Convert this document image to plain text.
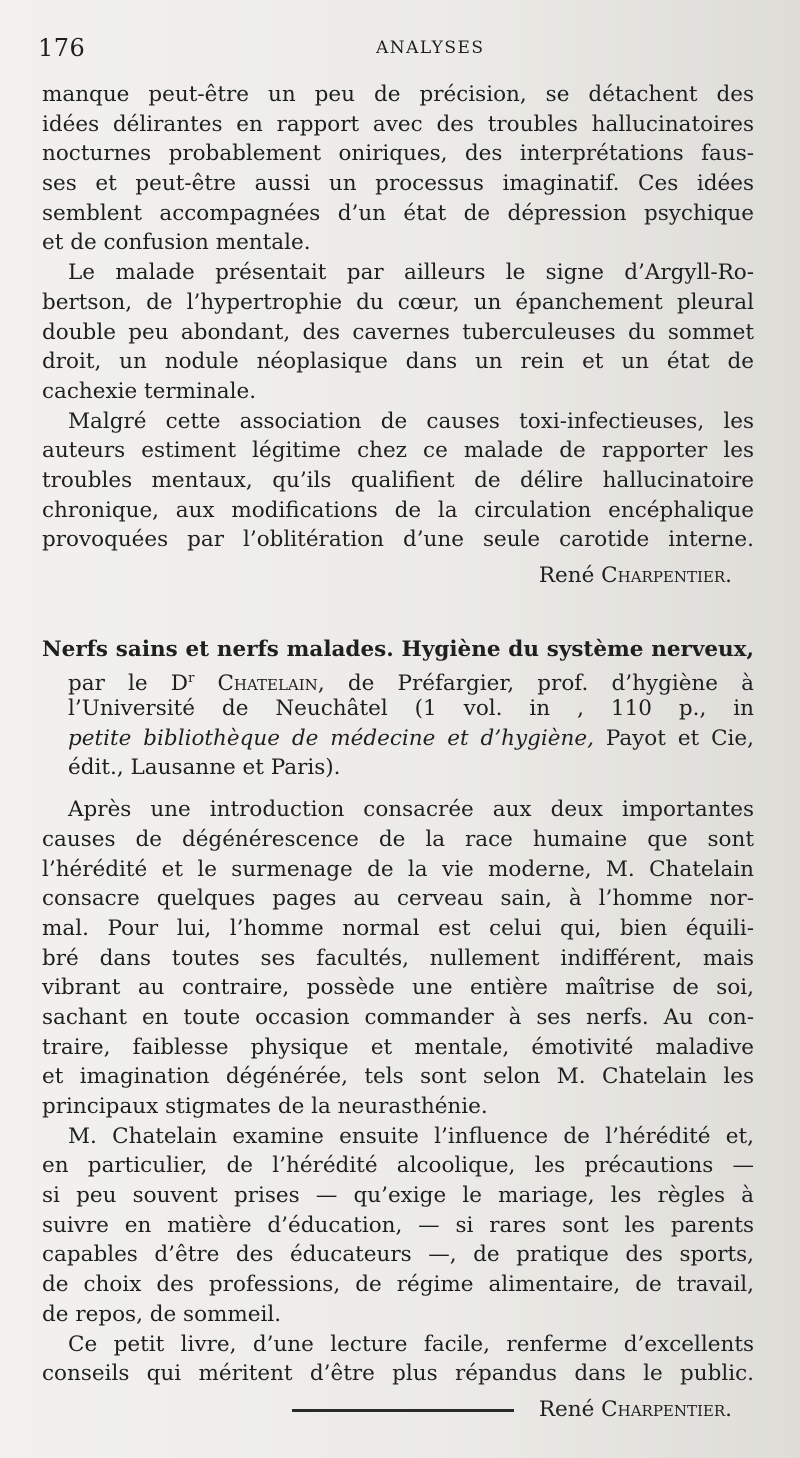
176	ANALYSES
manque peut-être un peu de précision, se détachent des
idées délirantes en rapport avec des troubles hallucinatoires
nocturnes probablement oniriques, des interprétations faus-
ses et peut-être aussi un processus imaginatif. Ces idées
semblent accompagnées d’un état de dépression psychique
et de confusion mentale.
Le malade présentait par ailleurs le signe d’Argyll-Ro-
bertson, de l’hypertrophie du cœur, un épanchement pleural
double peu abondant, des cavernes tuberculeuses du sommet
droit, un nodule néoplasique dans un rein et un état de
cachexie terminale.
Malgré cette association de causes toxi-infectieuses, les
auteurs estiment légitime chez ce malade de rapporter les
troubles mentaux, qu’ils qualifient de délire hallucinatoire
chronique, aux modifications de la circulation encéphalique
provoquées par l’oblitération d’une seule carotide interne.
René Charpentier.
Nerfs sains et nerfs malades. Hygiène du système nerveux,
par le $D^r$ Chatelain, de Préfargier, prof. d’hygiène à
l’Université de Neuchâtel (1 vol. in , 110 p., in
petite bibliothèque de médecine et d’hygiène, Payot et Cie,
édit., Lausanne et Paris).
Après une introduction consacrée aux deux importantes
causes de dégénérescence de la race humaine que sont
l’hérédité et le surmenage de la vie moderne, M. Chatelain
consacre quelques pages au cerveau sain, à l’homme nor-
mal. Pour lui, l’homme normal est celui qui, bien équili-
bré dans toutes ses facultés, nullement indifférent, mais
vibrant au contraire, possède une entière maîtrise de soi,
sachant en toute occasion commander à ses nerfs. Au con-
traire, faiblesse physique et mentale, émotivité maladive
et imagination dégénérée, tels sont selon M. Chatelain les
principaux stigmates de la neurasthénie.
M. Chatelain examine ensuite l’influence de l’hérédité et,
en particulier, de l’hérédité alcoolique, les précautions —
si peu souvent prises — qu’exige le mariage, les règles à
suivre en matière d’éducation, — si rares sont les parents
capables d’être des éducateurs —, de pratique des sports,
de choix des professions, de régime alimentaire, de travail,
de repos, de sommeil.
Ce petit livre, d’une lecture facile, renferme d’excellents
conseils qui méritent d’être plus répandus dans le public.
René Charpentier.
